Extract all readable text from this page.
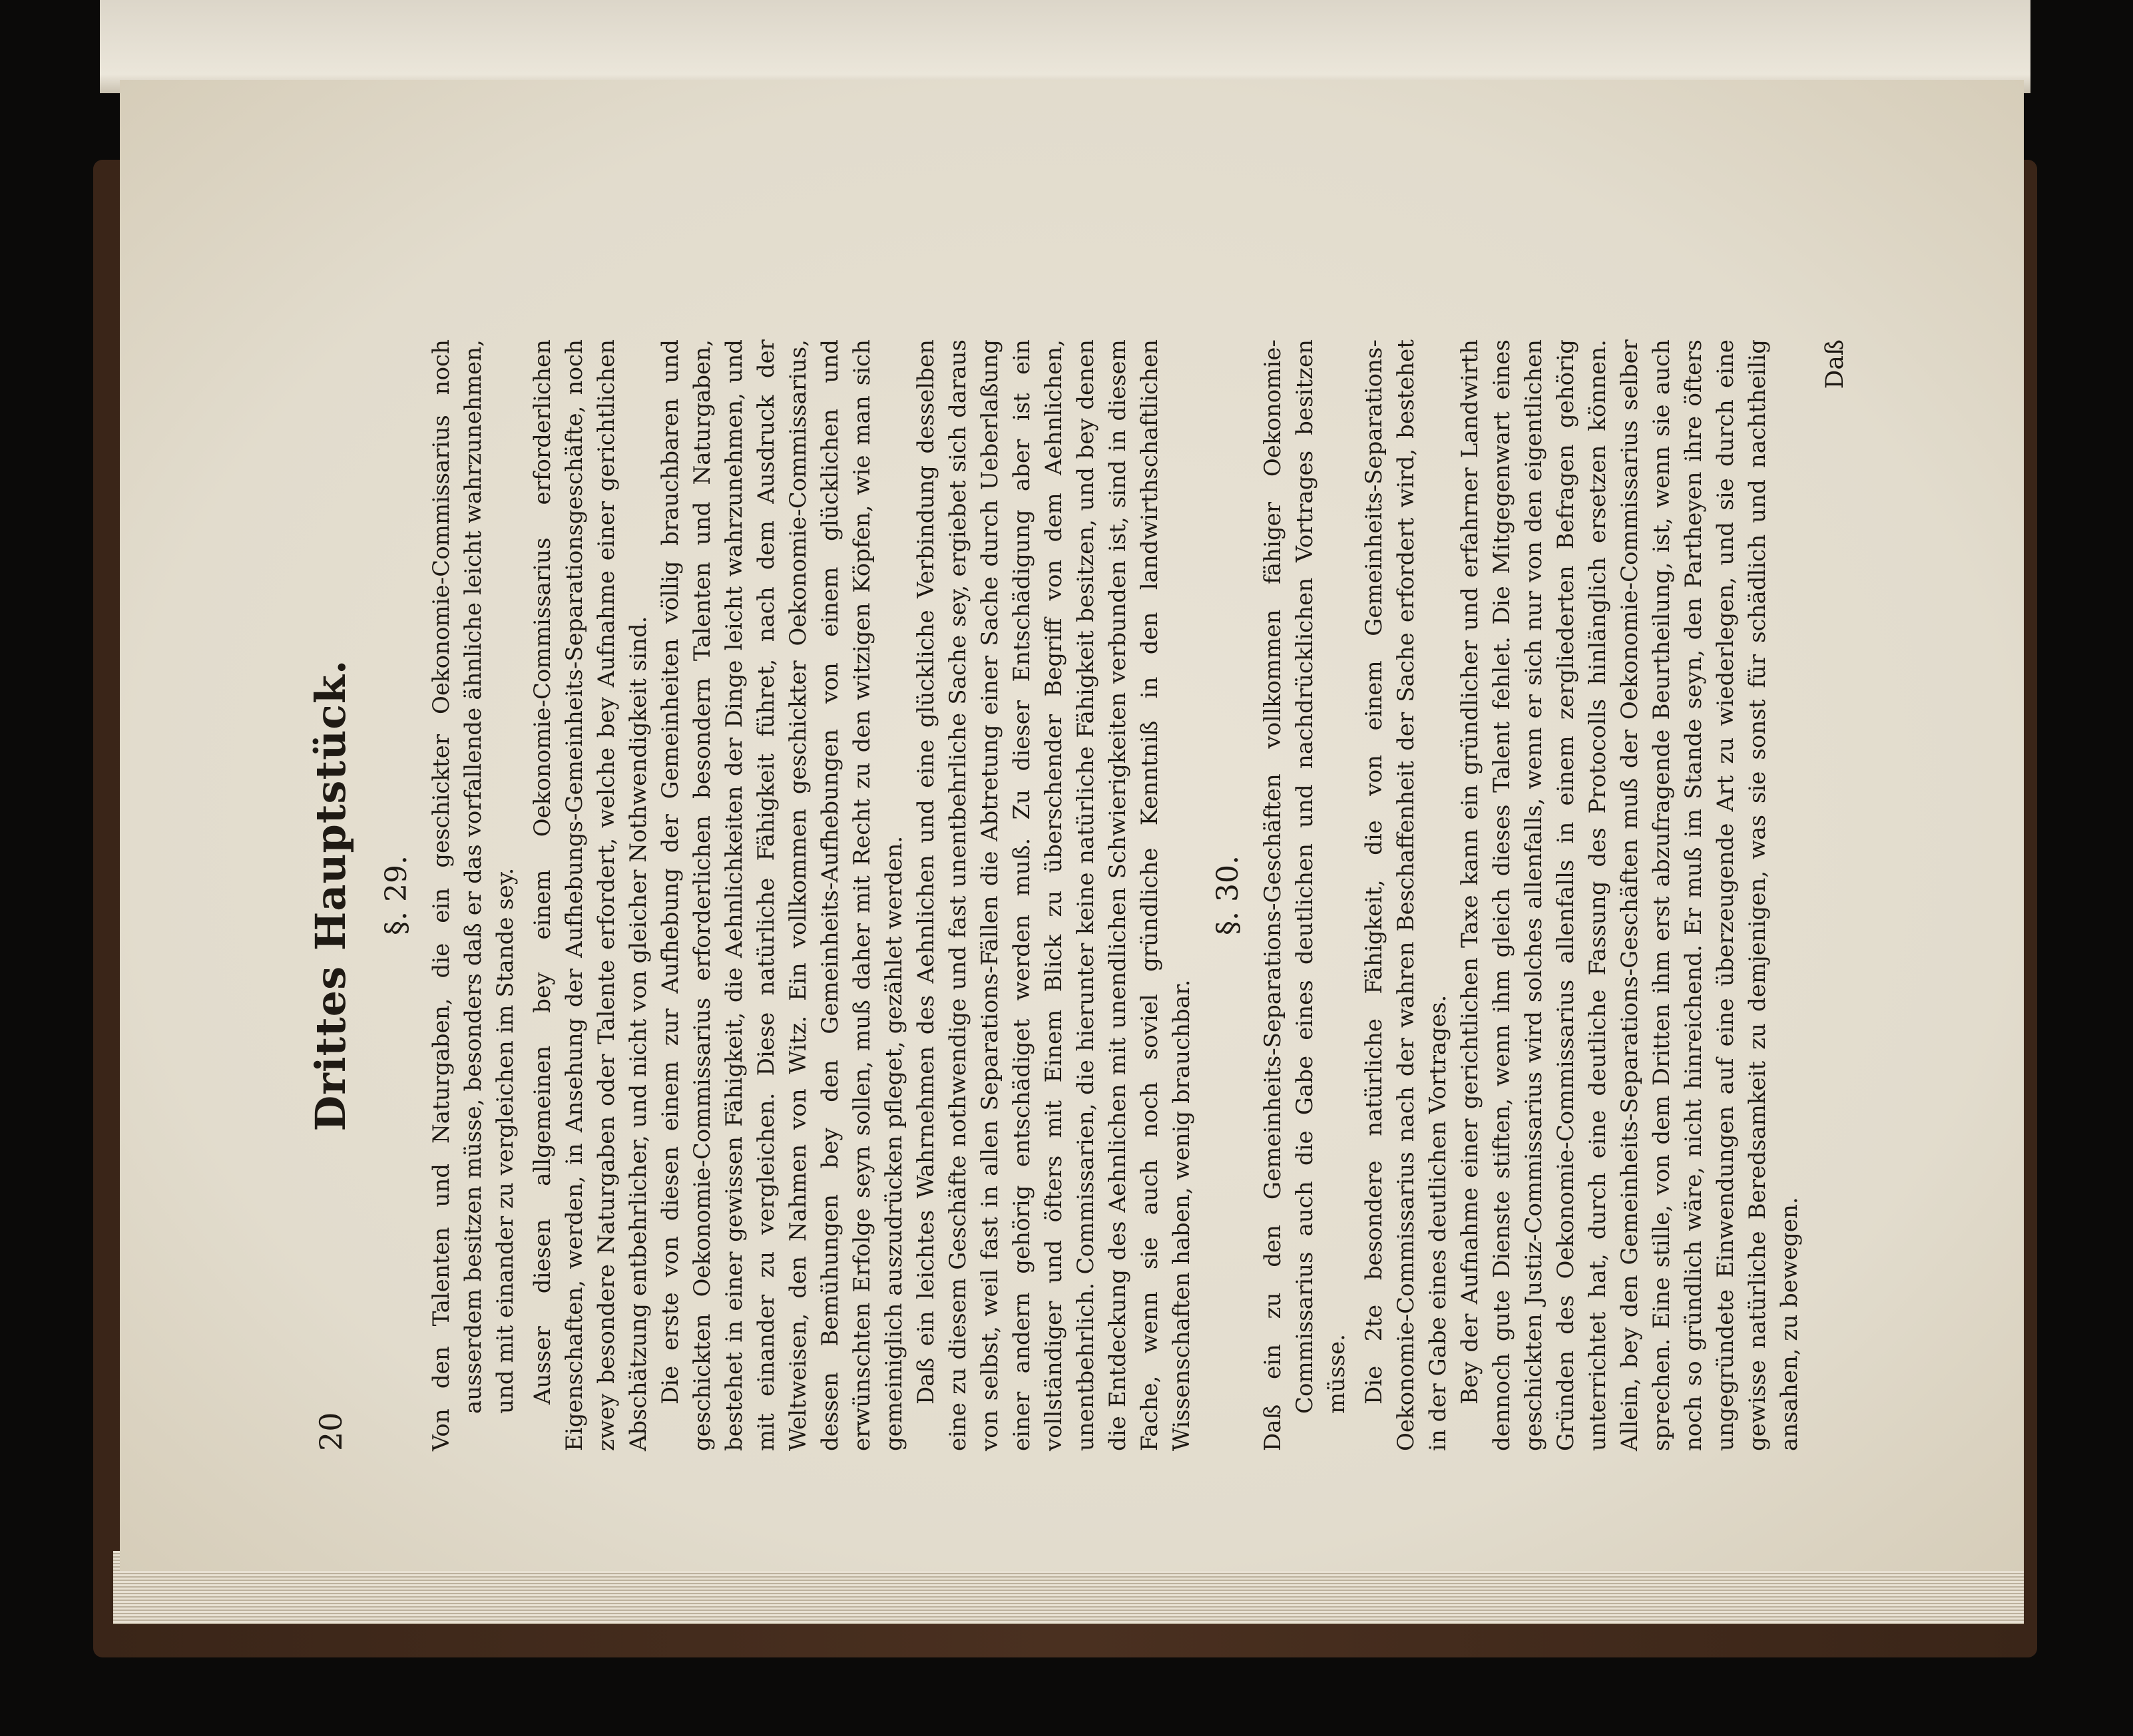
20
Drittes Hauptstück. §. 29. Von den Talenten und Naturgaben, die ein geschickter Oekonomie-Commissarius noch ausserdem besitzen müsse, besonders daß er das vorfallende ähnliche leicht wahrzunehmen, und mit einander zu vergleichen im Stande sey. Ausser diesen allgemeinen bey einem Oekonomie-Commissarius erforderlichen Eigenschaften, werden, in Ansehung der Aufhebungs-Gemeinheits-Separationsgeschäfte, noch zwey besondere Naturgaben oder Talente erfordert, welche bey Aufnahme einer gerichtlichen Abschätzung entbehrlicher, und nicht von gleicher Nothwendigkeit sind. Die erste von diesen einem zur Aufhebung der Gemeinheiten völlig brauchbaren und geschickten Oekonomie-Commissarius erforderlichen besondern Talenten und Naturgaben, bestehet in einer gewissen Fähigkeit, die Aehnlichkeiten der Dinge leicht wahrzunehmen, und mit einander zu vergleichen. Diese natürliche Fähigkeit führet, nach dem Ausdruck der Weltweisen, den Nahmen von Witz. Ein vollkommen geschickter Oekonomie-Commissarius, dessen Bemühungen bey den Gemeinheits-Aufhebungen von einem glücklichen und erwünschten Erfolge seyn sollen, muß daher mit Recht zu den witzigen Köpfen, wie man sich gemeiniglich auszudrücken pfleget, gezählet werden. Daß ein leichtes Wahrnehmen des Aehnlichen und eine glückliche Verbindung desselben eine zu diesem Geschäfte nothwendige und fast unentbehrliche Sache sey, ergiebet sich daraus von selbst, weil fast in allen Separations-Fällen die Abtretung einer Sache durch Ueberlaßung einer andern gehörig entschädiget werden muß. Zu dieser Entschädigung aber ist ein vollständiger und öfters mit Einem Blick zu überschender Begriff von dem Aehnlichen, unentbehrlich. Commissarien, die hierunter keine natürliche Fähigkeit besitzen, und bey denen die Entdeckung des Aehnlichen mit unendlichen Schwierigkeiten verbunden ist, sind in diesem Fache, wenn sie auch noch soviel gründliche Kenntniß in den landwirthschaftlichen Wissenschaften haben, wenig brauchbar.

§. 30. Daß ein zu den Gemeinheits-Separations-Geschäften vollkommen fähiger Oekonomie-Commissarius auch die Gabe eines deutlichen und nachdrücklichen Vortrages besitzen müsse. Die 2te besondere natürliche Fähigkeit, die von einem Gemeinheits-Separations-Oekonomie-Commissarius nach der wahren Beschaffenheit der Sache erfordert wird, bestehet in der Gabe eines deutlichen Vortrages. Bey der Aufnahme einer gerichtlichen Taxe kann ein gründlicher und erfahrner Landwirth dennoch gute Dienste stiften, wenn ihm gleich dieses Talent fehlet. Die Mitgegenwart eines geschickten Justiz-Commissarius wird solches allenfalls, wenn er sich nur von den eigentlichen Gründen des Oekonomie-Commissarius allenfalls in einem zergliederten Befragen gehörig unterrichtet hat, durch eine deutliche Fassung des Protocolls hinlänglich ersetzen können. Allein, bey den Gemeinheits-Separations-Geschäften muß der Oekonomie-Commissarius selber sprechen. Eine stille, von dem Dritten ihm erst abzufragende Beurtheilung, ist, wenn sie auch noch so gründlich wäre, nicht hinreichend. Er muß im Stande seyn, den Partheyen ihre öfters ungegründete Einwendungen auf eine überzeugende Art zu wiederlegen, und sie durch eine gewisse natürliche Beredsamkeit zu demjenigen, was sie sonst für schädlich und nachtheilig ansahen, zu bewegen.

Daß
